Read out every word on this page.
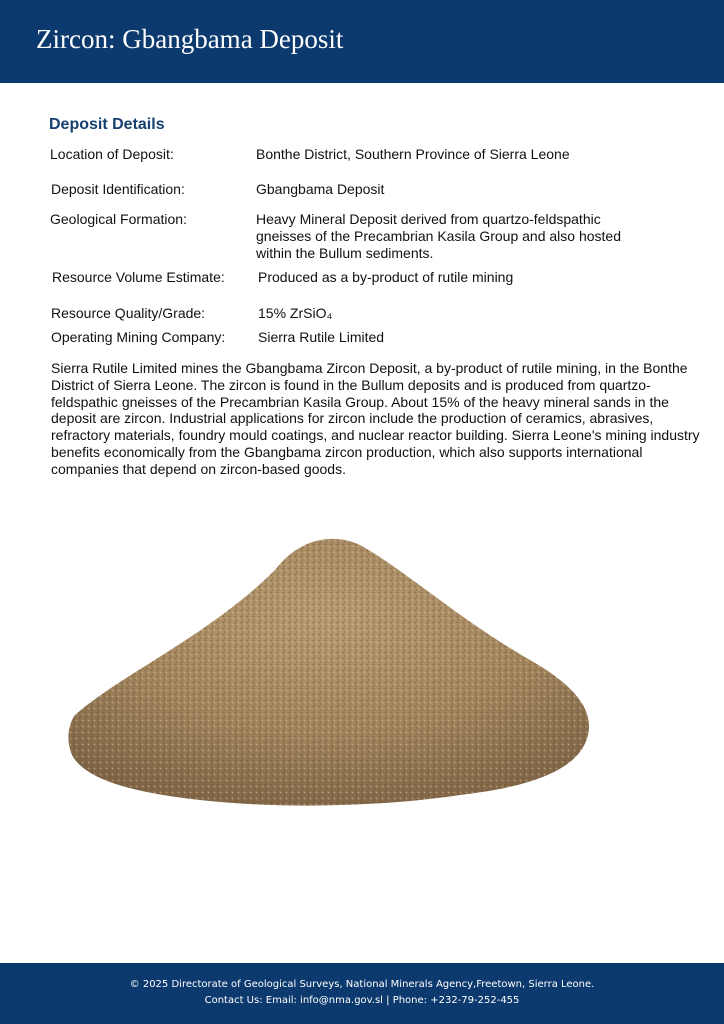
Zircon: Gbangbama Deposit
Deposit Details
Location of Deposit:	Bonthe District, Southern Province of Sierra Leone
Deposit Identification:	Gbangbama Deposit
Geological Formation:	Heavy Mineral Deposit derived from quartzo-feldspathic gneisses of the Precambrian Kasila Group and also hosted within the Bullum sediments.
Resource Volume Estimate: Produced as a by-product of rutile mining
Resource Quality/Grade:	15% ZrSiO₄
Operating Mining Company: Sierra Rutile Limited
Sierra Rutile Limited mines the Gbangbama Zircon Deposit, a by-product of rutile mining, in the Bonthe District of Sierra Leone. The zircon is found in the Bullum deposits and is produced from quartzo-feldspathic gneisses of the Precambrian Kasila Group. About 15% of the heavy mineral sands in the deposit are zircon. Industrial applications for zircon include the production of ceramics, abrasives, refractory materials, foundry mould coatings, and nuclear reactor building. Sierra Leone's mining industry benefits economically from the Gbangbama zircon production, which also supports international companies that depend on zircon-based goods.
© 2025 Directorate of Geological Surveys, National Minerals Agency,Freetown, Sierra Leone.
Contact Us: Email: info@nma.gov.sl | Phone: +232-79-252-455
